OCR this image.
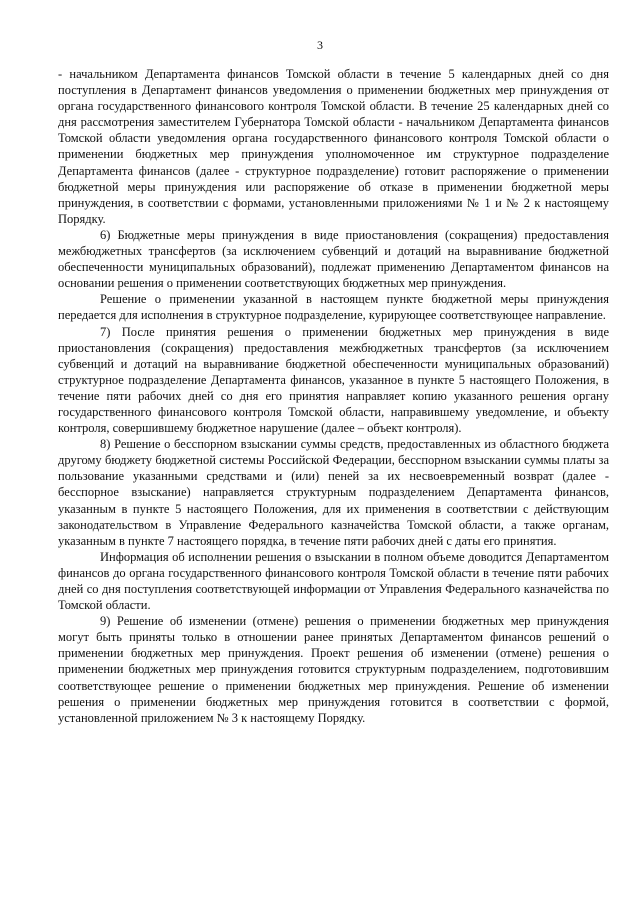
3

- начальником Департамента финансов Томской области в течение 5 календарных дней со дня поступления в Департамент финансов уведомления о применении бюджетных мер принуждения от органа государственного финансового контроля Томской области. В течение 25 календарных дней со дня рассмотрения заместителем Губернатора Томской области - начальником Департамента финансов Томской области уведомления органа государственного финансового контроля Томской области о применении бюджетных мер принуждения уполномоченное им структурное подразделение Департамента финансов (далее - структурное подразделение) готовит распоряжение о применении бюджетной меры принуждения или распоряжение об отказе в применении бюджетной меры принуждения, в соответствии с формами, установленными приложениями № 1 и № 2 к настоящему Порядку.

6) Бюджетные меры принуждения в виде приостановления (сокращения) предоставления межбюджетных трансфертов (за исключением субвенций и дотаций на выравнивание бюджетной обеспеченности муниципальных образований), подлежат применению Департаментом финансов на основании решения о применении соответствующих бюджетных мер принуждения.

Решение о применении указанной в настоящем пункте бюджетной меры принуждения передается для исполнения в структурное подразделение, курирующее соответствующее направление.

7) После принятия решения о применении бюджетных мер принуждения в виде приостановления (сокращения) предоставления межбюджетных трансфертов (за исключением субвенций и дотаций на выравнивание бюджетной обеспеченности муниципальных образований) структурное подразделение Департамента финансов, указанное в пункте 5 настоящего Положения, в течение пяти рабочих дней со дня его принятия направляет копию указанного решения органу государственного финансового контроля Томской области, направившему уведомление, и объекту контроля, совершившему бюджетное нарушение (далее – объект контроля).

8) Решение о бесспорном взыскании суммы средств, предоставленных из областного бюджета другому бюджету бюджетной системы Российской Федерации, бесспорном взыскании суммы платы за пользование указанными средствами и (или) пеней за их несвоевременный возврат (далее - бесспорное взыскание) направляется структурным подразделением Департамента финансов, указанным в пункте 5 настоящего Положения, для их применения в соответствии с действующим законодательством в Управление Федерального казначейства Томской области, а также органам, указанным в пункте 7 настоящего порядка, в течение пяти рабочих дней с даты его принятия.

Информация об исполнении решения о взыскании в полном объеме доводится Департаментом финансов до органа государственного финансового контроля Томской области в течение пяти рабочих дней со дня поступления соответствующей информации от Управления Федерального казначейства по Томской области.

9) Решение об изменении (отмене) решения о применении бюджетных мер принуждения могут быть приняты только в отношении ранее принятых Департаментом финансов решений о применении бюджетных мер принуждения. Проект решения об изменении (отмене) решения о применении бюджетных мер принуждения готовится структурным подразделением, подготовившим соответствующее решение о применении бюджетных мер принуждения. Решение об изменении решения о применении бюджетных мер принуждения готовится в соответствии с формой, установленной приложением № 3 к настоящему Порядку.
